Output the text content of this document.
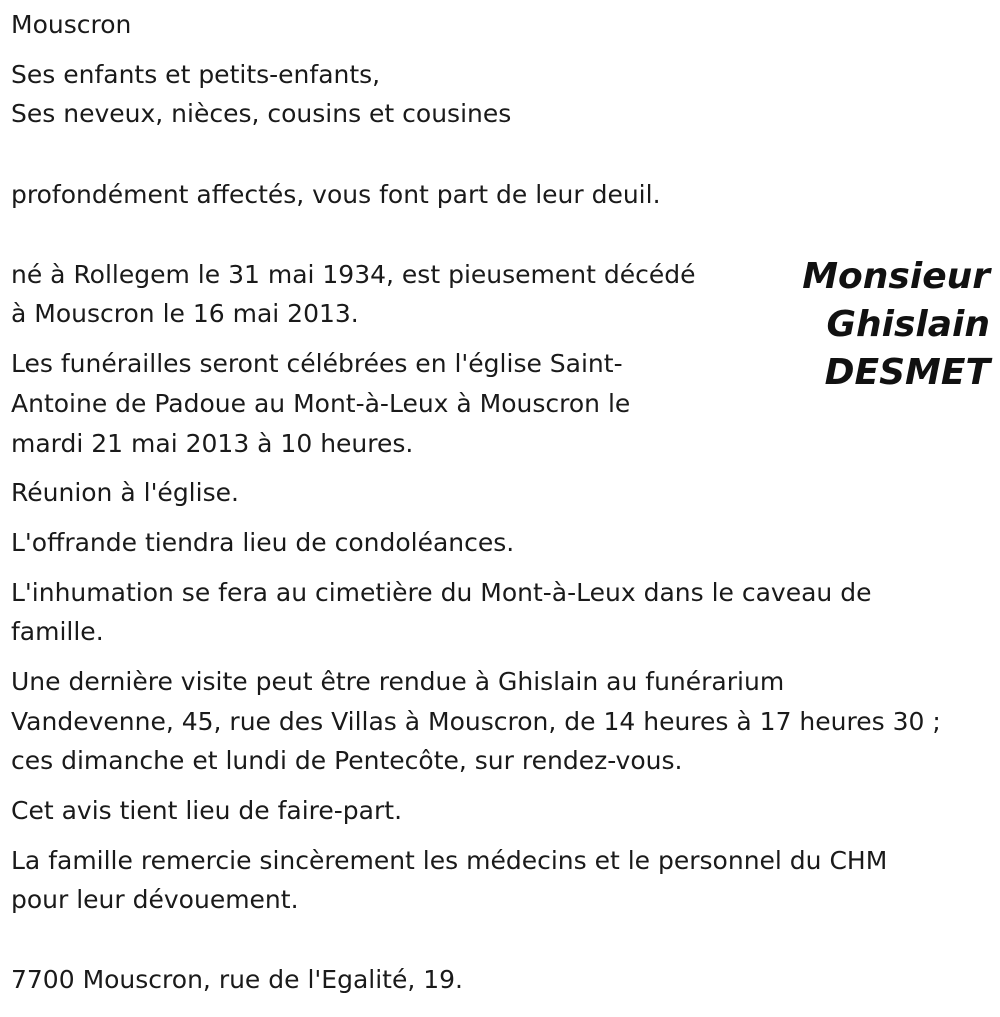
Mouscron
Ses enfants et petits-enfants,
Ses neveux, nièces, cousins et cousines
profondément affectés, vous font part de leur deuil.
Monsieur
Ghislain
DESMET
né à Rollegem le 31 mai 1934, est pieusement décédé
à Mouscron le 16 mai 2013.
Les funérailles seront célébrées en l'église Saint-
Antoine de Padoue au Mont-à-Leux à Mouscron le
mardi 21 mai 2013 à 10 heures.
Réunion à l'église.
L'offrande tiendra lieu de condoléances.
L'inhumation se fera au cimetière du Mont-à-Leux dans le caveau de
famille.
Une dernière visite peut être rendue à Ghislain au funérarium
Vandevenne, 45, rue des Villas à Mouscron, de 14 heures à 17 heures 30 ;
ces dimanche et lundi de Pentecôte, sur rendez-vous.
Cet avis tient lieu de faire-part.
La famille remercie sincèrement les médecins et le personnel du CHM
pour leur dévouement.
7700 Mouscron, rue de l'Egalité, 19.
